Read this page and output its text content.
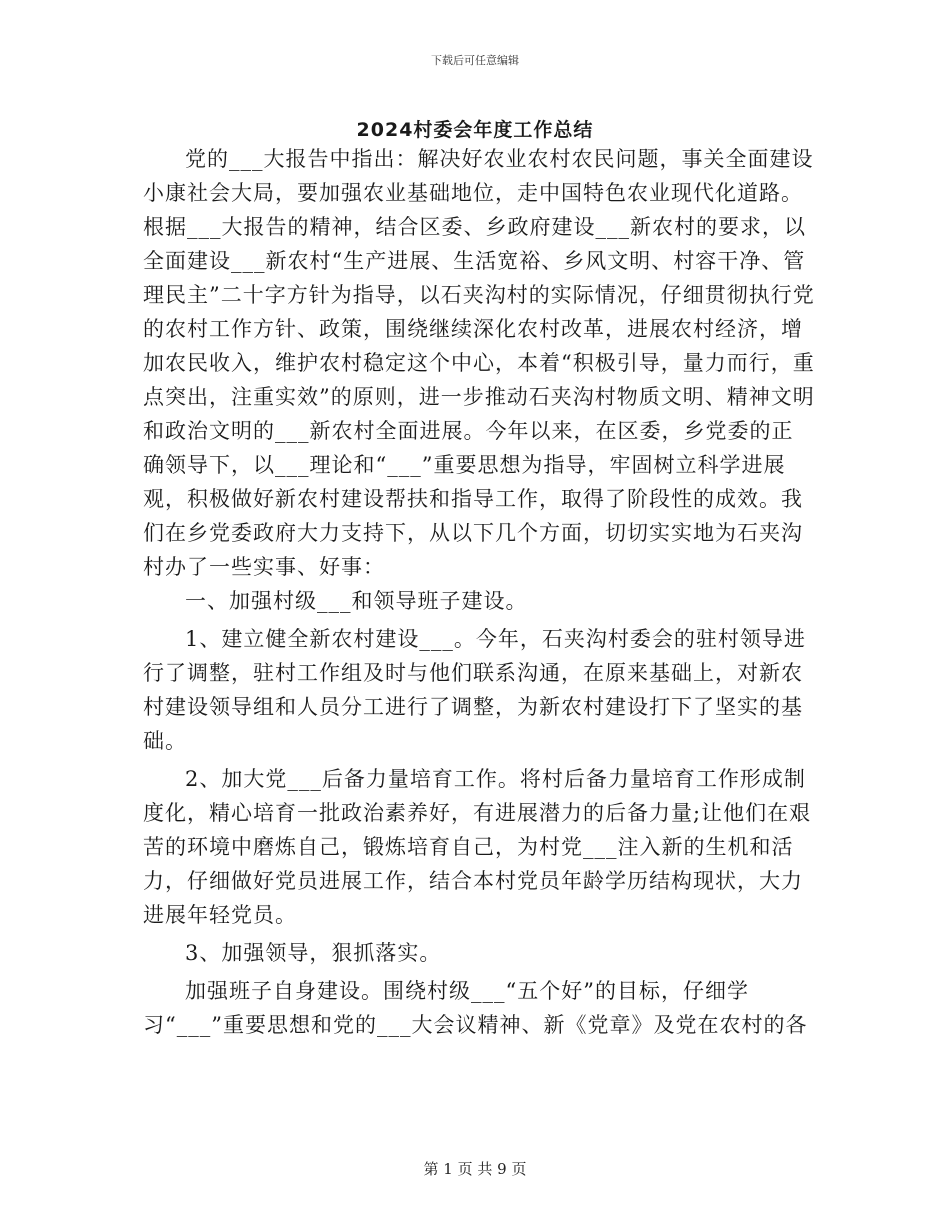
下载后可任意编辑
2024村委会年度工作总结

党的___大报告中指出：解决好农业农村农民问题，事关全面建设小康社会大局，要加强农业基础地位，走中国特色农业现代化道路。根据___大报告的精神，结合区委、乡政府建设___新农村的要求，以全面建设___新农村“生产进展、生活宽裕、乡风文明、村容干净、管理民主”二十字方针为指导，以石夹沟村的实际情况，仔细贯彻执行党的农村工作方针、政策，围绕继续深化农村改革，进展农村经济，增加农民收入，维护农村稳定这个中心，本着“积极引导，量力而行，重点突出，注重实效”的原则，进一步推动石夹沟村物质文明、精神文明和政治文明的___新农村全面进展。今年以来，在区委，乡党委的正确领导下，以___理论和“___”重要思想为指导，牢固树立科学进展观，积极做好新农村建设帮扶和指导工作，取得了阶段性的成效。我们在乡党委政府大力支持下，从以下几个方面，切切实实地为石夹沟村办了一些实事、好事：

一、加强村级___和领导班子建设。

1、建立健全新农村建设___。今年，石夹沟村委会的驻村领导进行了调整，驻村工作组及时与他们联系沟通，在原来基础上，对新农村建设领导组和人员分工进行了调整，为新农村建设打下了坚实的基础。

2、加大党___后备力量培育工作。将村后备力量培育工作形成制度化，精心培育一批政治素养好，有进展潜力的后备力量;让他们在艰苦的环境中磨炼自己，锻炼培育自己，为村党___注入新的生机和活力，仔细做好党员进展工作，结合本村党员年龄学历结构现状，大力进展年轻党员。

3、加强领导，狠抓落实。

加强班子自身建设。围绕村级___“五个好”的目标，仔细学习“___”重要思想和党的___大会议精神、新《党章》及党在农村的各

第 1 页 共 9 页
